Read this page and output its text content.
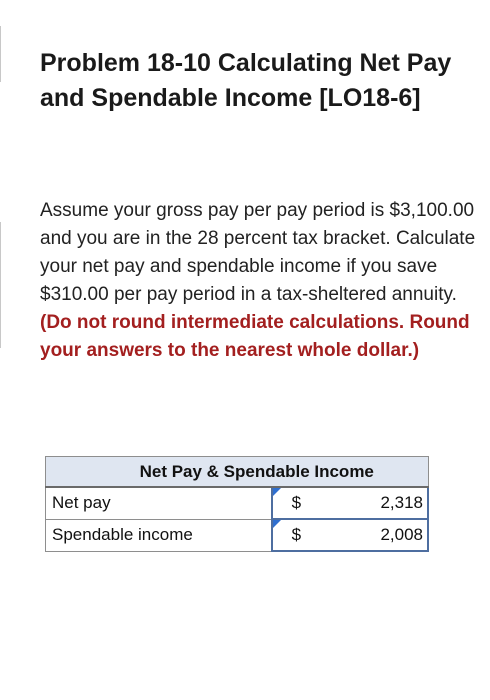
Problem 18-10 Calculating Net Pay and Spendable Income [LO18-6]

Assume your gross pay per pay period is $3,100.00 and you are in the 28 percent tax bracket. Calculate your net pay and spendable income if you save $310.00 per pay period in a tax-sheltered annuity. (Do not round intermediate calculations. Round your answers to the nearest whole dollar.)

Net Pay & Spendable Income	
Net pay	$ 2,318

Spendable income	$ 2,008
